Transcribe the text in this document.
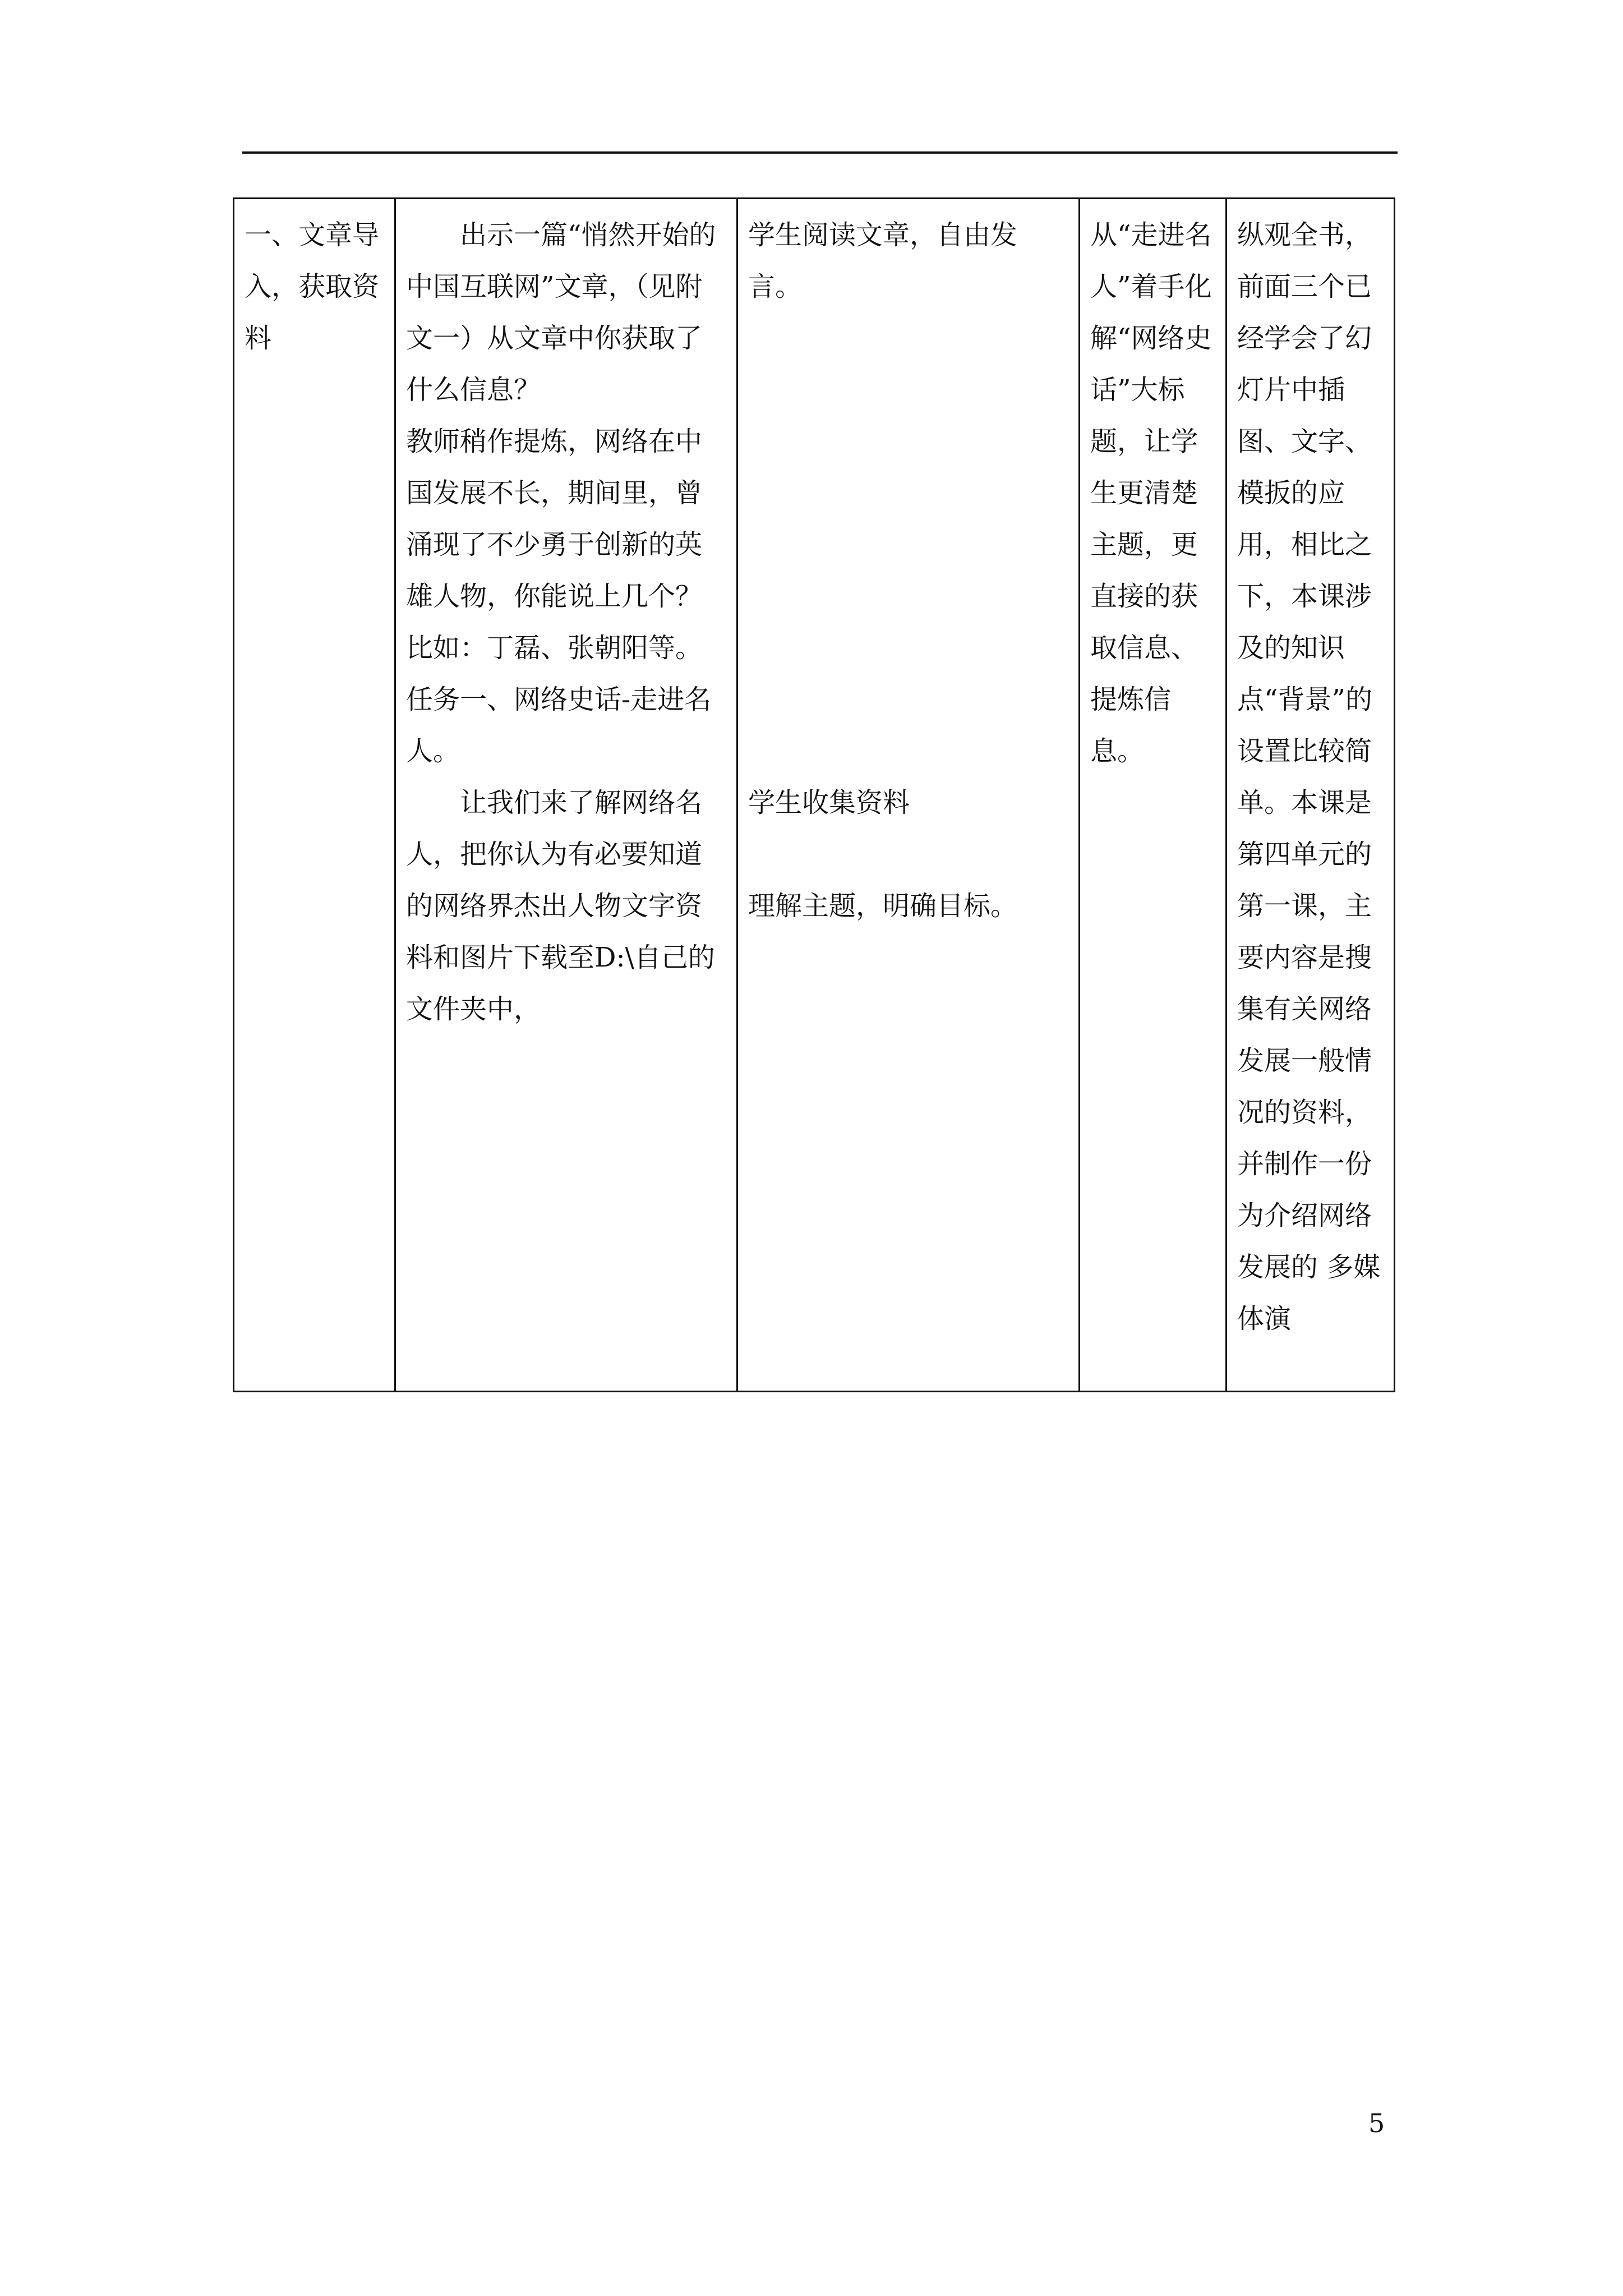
一、文章导入，获取资料

出示一篇“悄然开始的中国互联网”文章，（见附文一）从文章中你获取了什么信息？
教师稍作提炼，网络在中国发展不长，期间里，曾涌现了不少勇于创新的英雄人物，你能说上几个？比如：丁磊、张朝阳等。
任务一、网络史话-走进名人。
让我们来了解网络名人，把你认为有必要知道的网络界杰出人物文字资料和图片下载至D:\自己的文件夹中，

学生阅读文章，自由发言。
学生收集资料
理解主题，明确目标。

从“走进名人”着手化解“网络史话”大标题，让学生更清楚主题，更直接的获取信息、提炼信息。

纵观全书，前面三个已经学会了幻灯片中插图、文字、模扳的应用，相比之下，本课涉及的知识点“背景”的设置比较简单。本课是第四单元的第一课，主要内容是搜集有关网络发展一般情况的资料，并制作一份为介绍网络发展的 多媒体演
5
